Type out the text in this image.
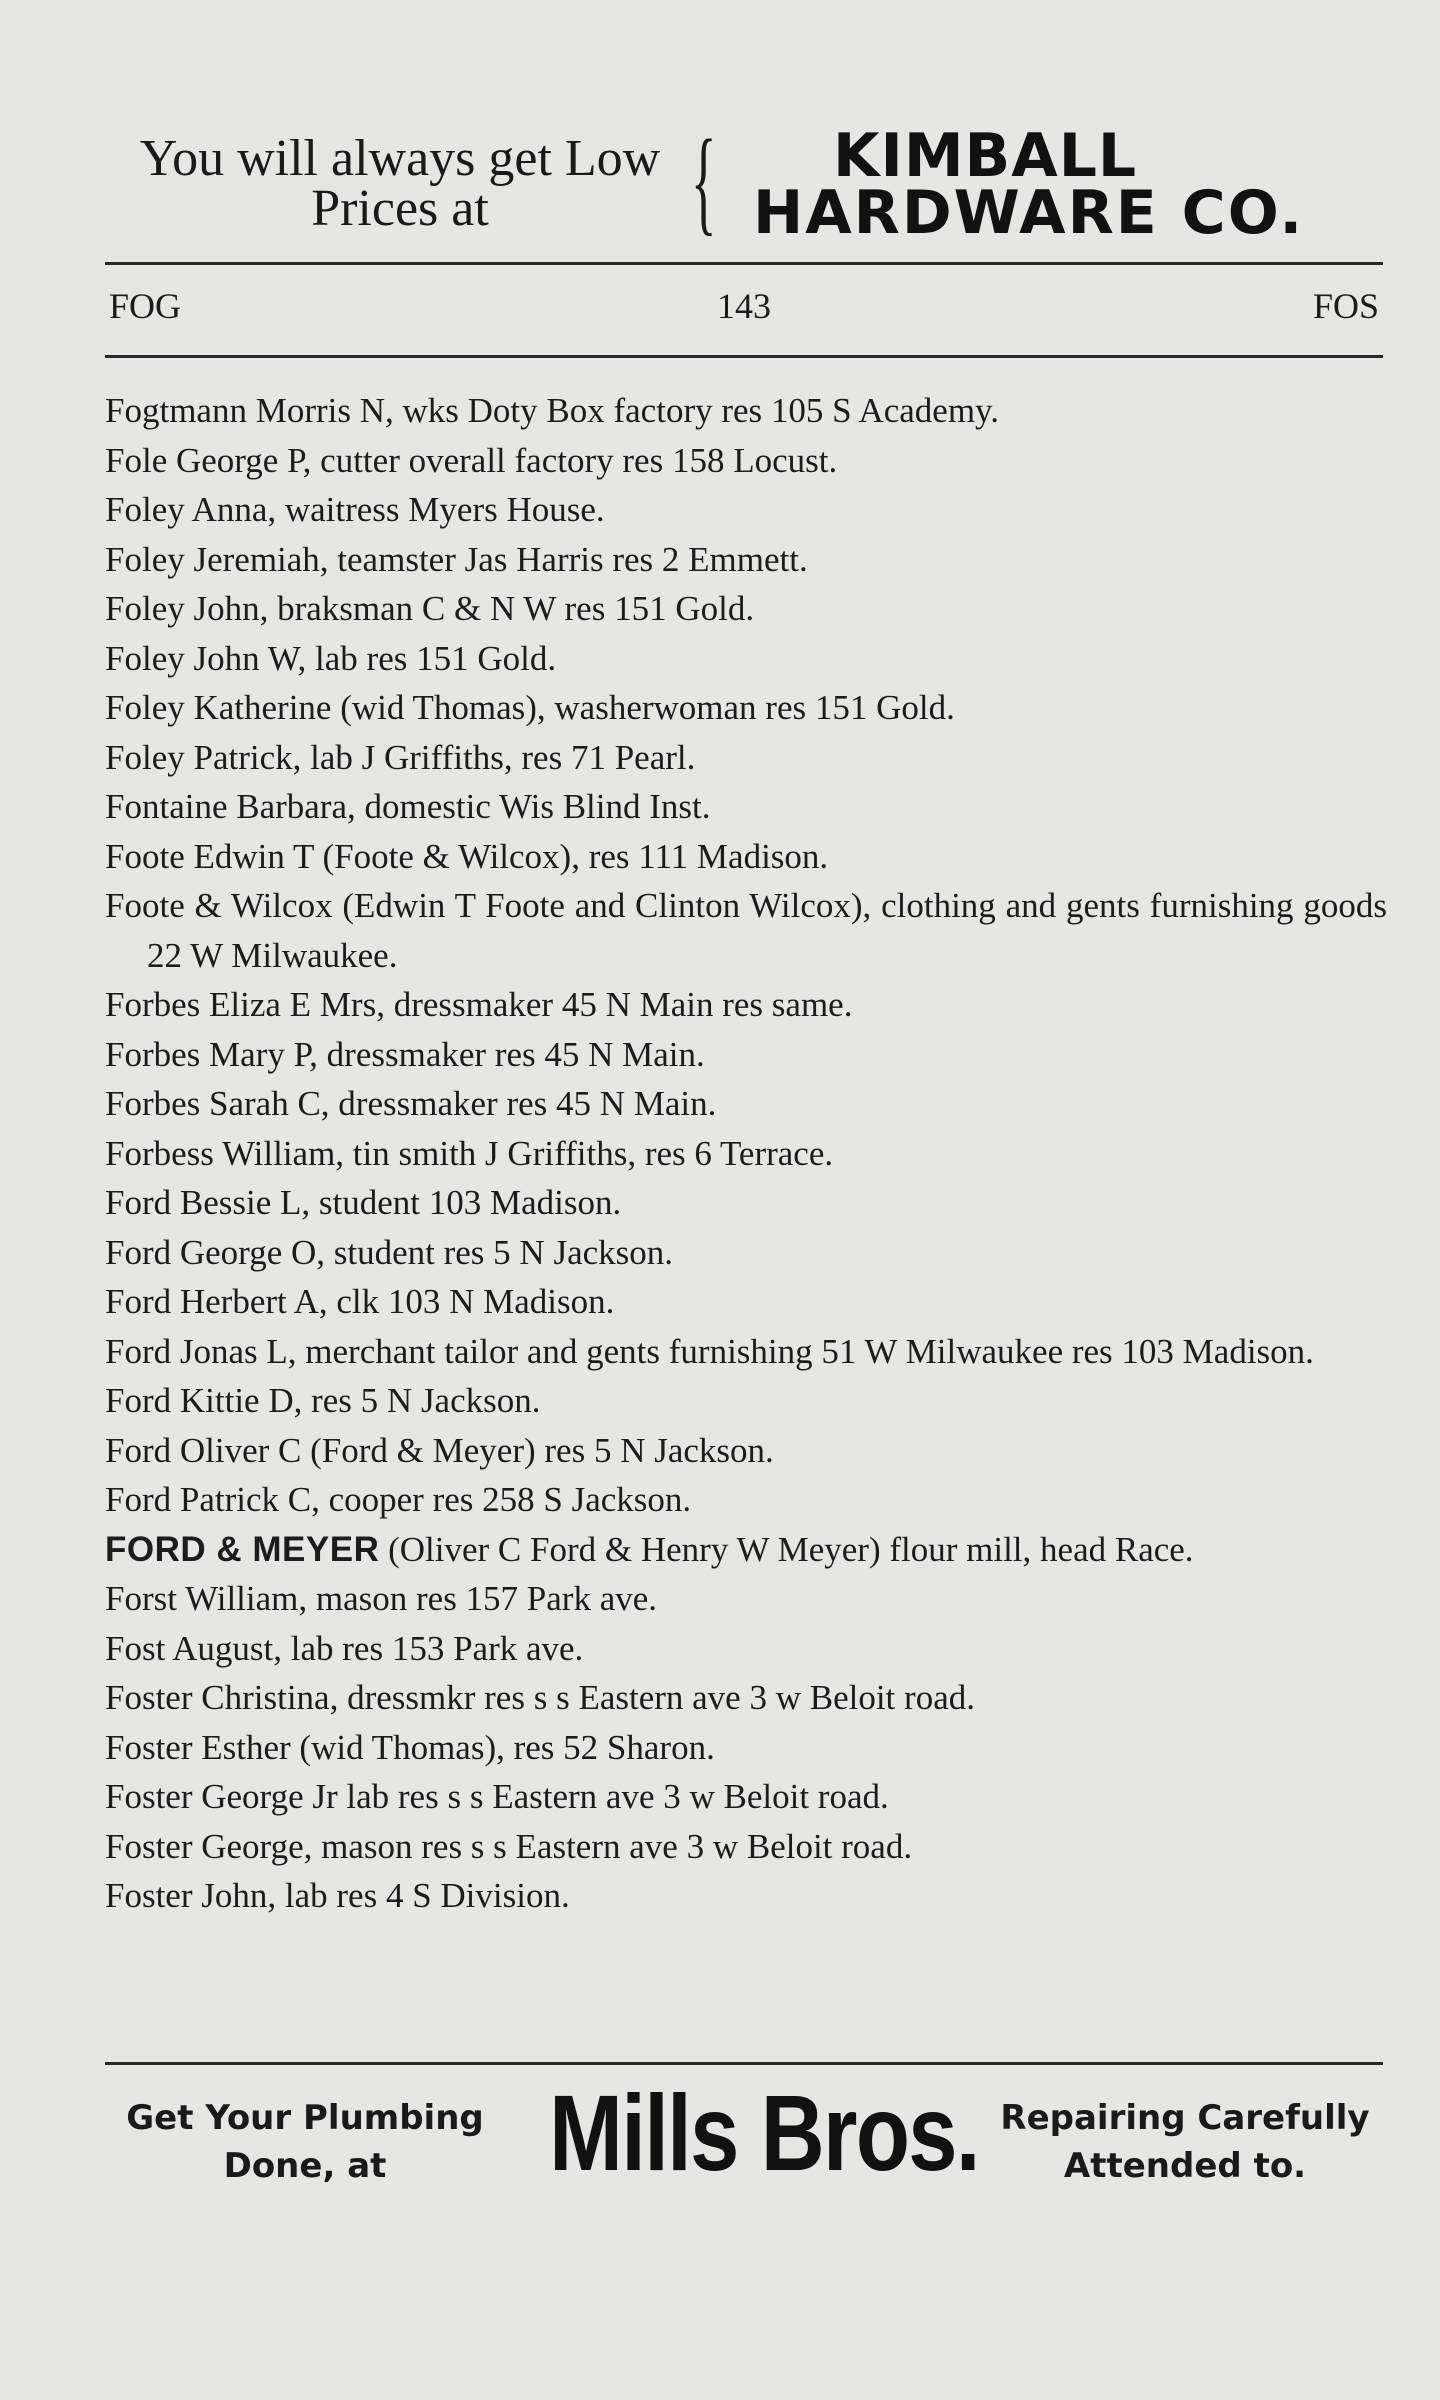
You will always get Low
Prices at	{	KIMBALL
HARDWARE CO.
143
FOG	FOS
Fogtmann Morris N, wks Doty Box factory res 105 S Academy.
Fole George P, cutter overall factory res 158 Locust.
Foley Anna, waitress Myers House.
Foley Jeremiah, teamster Jas Harris res 2 Emmett.
Foley John, braksman C & N W res 151 Gold.
Foley John W, lab res 151 Gold.
Foley Katherine (wid Thomas), washerwoman res 151 Gold.
Foley Patrick, lab J Griffiths, res 71 Pearl.
Fontaine Barbara, domestic Wis Blind Inst.
Foote Edwin T (Foote & Wilcox), res 111 Madison.
Foote & Wilcox (Edwin T Foote and Clinton Wilcox), clothing and gents furnishing goods 22 W Milwaukee.
Forbes Eliza E Mrs, dressmaker 45 N Main res same.
Forbes Mary P, dressmaker res 45 N Main.
Forbes Sarah C, dressmaker res 45 N Main.
Forbess William, tin smith J Griffiths, res 6 Terrace.
Ford Bessie L, student 103 Madison.
Ford George O, student res 5 N Jackson.
Ford Herbert A, clk 103 N Madison.
Ford Jonas L, merchant tailor and gents furnishing 51 W Milwaukee res 103 Madison.
Ford Kittie D, res 5 N Jackson.
Ford Oliver C (Ford & Meyer) res 5 N Jackson.
Ford Patrick C, cooper res 258 S Jackson.
FORD & MEYER (Oliver C Ford & Henry W Meyer) flour mill, head Race.
Forst William, mason res 157 Park ave.
Fost August, lab res 153 Park ave.
Foster Christina, dressmkr res s s Eastern ave 3 w Beloit road.
Foster Esther (wid Thomas), res 52 Sharon.
Foster George Jr lab res s s Eastern ave 3 w Beloit road.
Foster George, mason res s s Eastern ave 3 w Beloit road.
Foster John, lab res 4 S Division.
Get Your Plumbing
Done, at	Mills Bros. Repairing Carefully
Attended to.
